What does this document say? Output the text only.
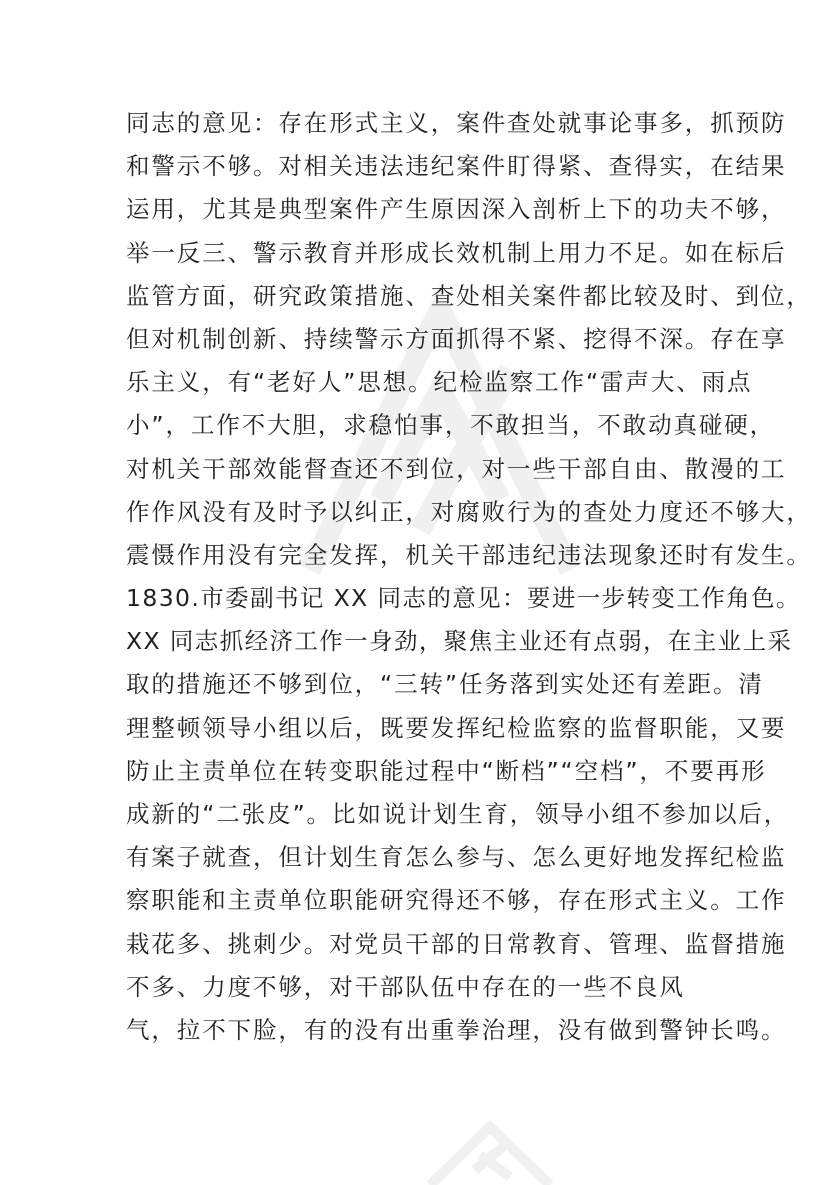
同志的意见：存在形式主义，案件查处就事论事多，抓预防
和警示不够。对相关违法违纪案件盯得紧、查得实，在结果
运用，尤其是典型案件产生原因深入剖析上下的功夫不够，
举一反三、警示教育并形成长效机制上用力不足。如在标后
监管方面，研究政策措施、查处相关案件都比较及时、到位，
但对机制创新、持续警示方面抓得不紧、挖得不深。存在享
乐主义，有“老好人”思想。纪检监察工作“雷声大、雨点
小”，工作不大胆，求稳怕事，不敢担当，不敢动真碰硬，
对机关干部效能督查还不到位，对一些干部自由、散漫的工
作作风没有及时予以纠正，对腐败行为的查处力度还不够大，
震慑作用没有完全发挥，机关干部违纪违法现象还时有发生。
1830.市委副书记 XX 同志的意见：要进一步转变工作角色。
XX 同志抓经济工作一身劲，聚焦主业还有点弱，在主业上采
取的措施还不够到位，“三转”任务落到实处还有差距。清
理整顿领导小组以后，既要发挥纪检监察的监督职能，又要
防止主责单位在转变职能过程中“断档”“空档”，不要再形
成新的“二张皮”。比如说计划生育，领导小组不参加以后，
有案子就查，但计划生育怎么参与、怎么更好地发挥纪检监
察职能和主责单位职能研究得还不够，存在形式主义。工作
栽花多、挑刺少。对党员干部的日常教育、管理、监督措施
不多、力度不够，对干部队伍中存在的一些不良风
气，拉不下脸，有的没有出重拳治理，没有做到警钟长鸣。
